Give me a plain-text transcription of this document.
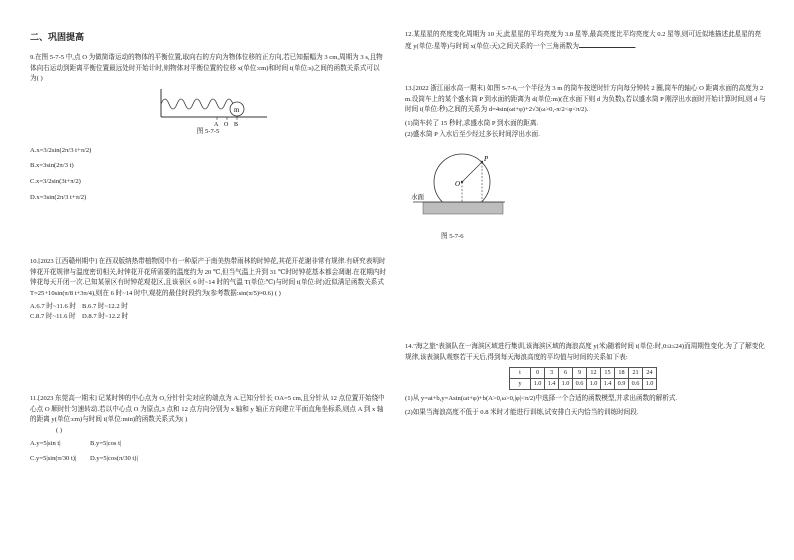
二、巩固提高

9.在图 5-7-5 中,点 O 为做简谐运动的物体的平衡位置,取向右的方向为物体位移的正方向,若已知振幅为 3 cm,周期为 3 s,且物体向右运动到距离平衡位置最远处时开始计时,则物体对平衡位置的位移 x(单位:cm)和时间 t(单位:s)之间的函数关系式可以为( )

m
A O B

图 5-7-5

A.x=3/2sin(2π/3 t+π/2)

B.x=3sin(2π/3 t)

C.x=3/2sin(3t+π/2)

D.x=3sin(2π/3 t+π/2)

10.[2023 江西赣州期中] 在西双版纳热带植物园中有一种原产于南美热带雨林的时钟花,其花开花谢非常有规律.有研究表明时钟花开花规律与温度密切相关,时钟花开花所需要的温度约为 20 ℃,但当气温上升到 31 ℃时时钟花基本都会凋谢.在花期内时钟花每天开闭一次.已知某景区有时钟花观花区,且该景区 6 时~14 时的气温 T(单位:℃)与时间 t(单位:时)近似满足函数关系式 T=25+10sin(π/8 t+3π/4),则在 6 时~14 时中,观花的最佳时段约为(参考数据:sin(π/5)≈0.6) ( )

A.6.7 时~11.6 时 B.6.7 时~12.2 时
C.8.7 时~11.6 时 D.8.7 时~12.2 时

11.[2023 东莞高一期末] 记某时钟的中心点为 O,分针针尖对应的端点为 A.已知分针长 OA=5 cm,且分针从 12 点位置开始绕中心点 O 顺时针匀速转动.若以中心点 O 为原点,3 点和 12 点方向分别为 x 轴和 y 轴正方向建立平面直角坐标系,则点 A 到 x 轴的距离 y(单位:cm)与时间 t(单位:min)的函数关系式为( )

( )

A.y=5|sin t|	B.y=5|cos t|
C.y=5|sin(π/30 t)|	D.y=5|cos(π/30 t)|

12.某星星的亮度变化周期为 10 天,此星星的平均亮度为 3.8 星等,最高亮度比平均亮度大 0.2 星等,则可近似地描述此星星的亮度 y(单位:星等)与时间 x(单位:天)之间关系的一个三角函数为	.

13.[2022 浙江丽水高一期末] 如图 5-7-6,一个半径为 3 m 的筒车按逆时针方向每分钟转 2 圈,筒车的轴心 O 距离水面的高度为 2 m.设筒车上的某个盛水筒 P 到水面的距离为 d(单位:m)(在水面下则 d 为负数),若以盛水筒 P 刚浮出水面时开始计算时间,则 d 与时间 t(单位:秒)之间的关系为 d=4sin(ωt+φ)+2√3(ω>0,-π/2<φ<π/2).

(1)筒车转了 15 秒时,求盛水筒 P 到水面的距离.

(2)盛水筒 P 入水后至少经过多长时间浮出水面.

P
O
水面

图 5-7-6

14."海之旅"表演队在一海滨区域进行集训,该海滨区域的海浪高度 y(米)随着时间 t(单位:时,0≤t≤24)而周期性变化.为了了解变化规律,该表演队观察若干天后,得到每天海浪高度的平均值与时间的关系如下表:

t	0	3	6	9	12	15	18	21	24
y	1.0	1.4	1.0	0.6	1.0	1.4	0.9	0.6	1.0

(1)从 y=at+b,y=Asin(ωt+φ)+b(A>0,ω>0,|φ|<π/2)中选择一个合适的函数模型,并求出函数的解析式.

(2)如果当海浪高度不低于 0.8 米时才能进行训练,试安排白天内恰当的训练时间段.
